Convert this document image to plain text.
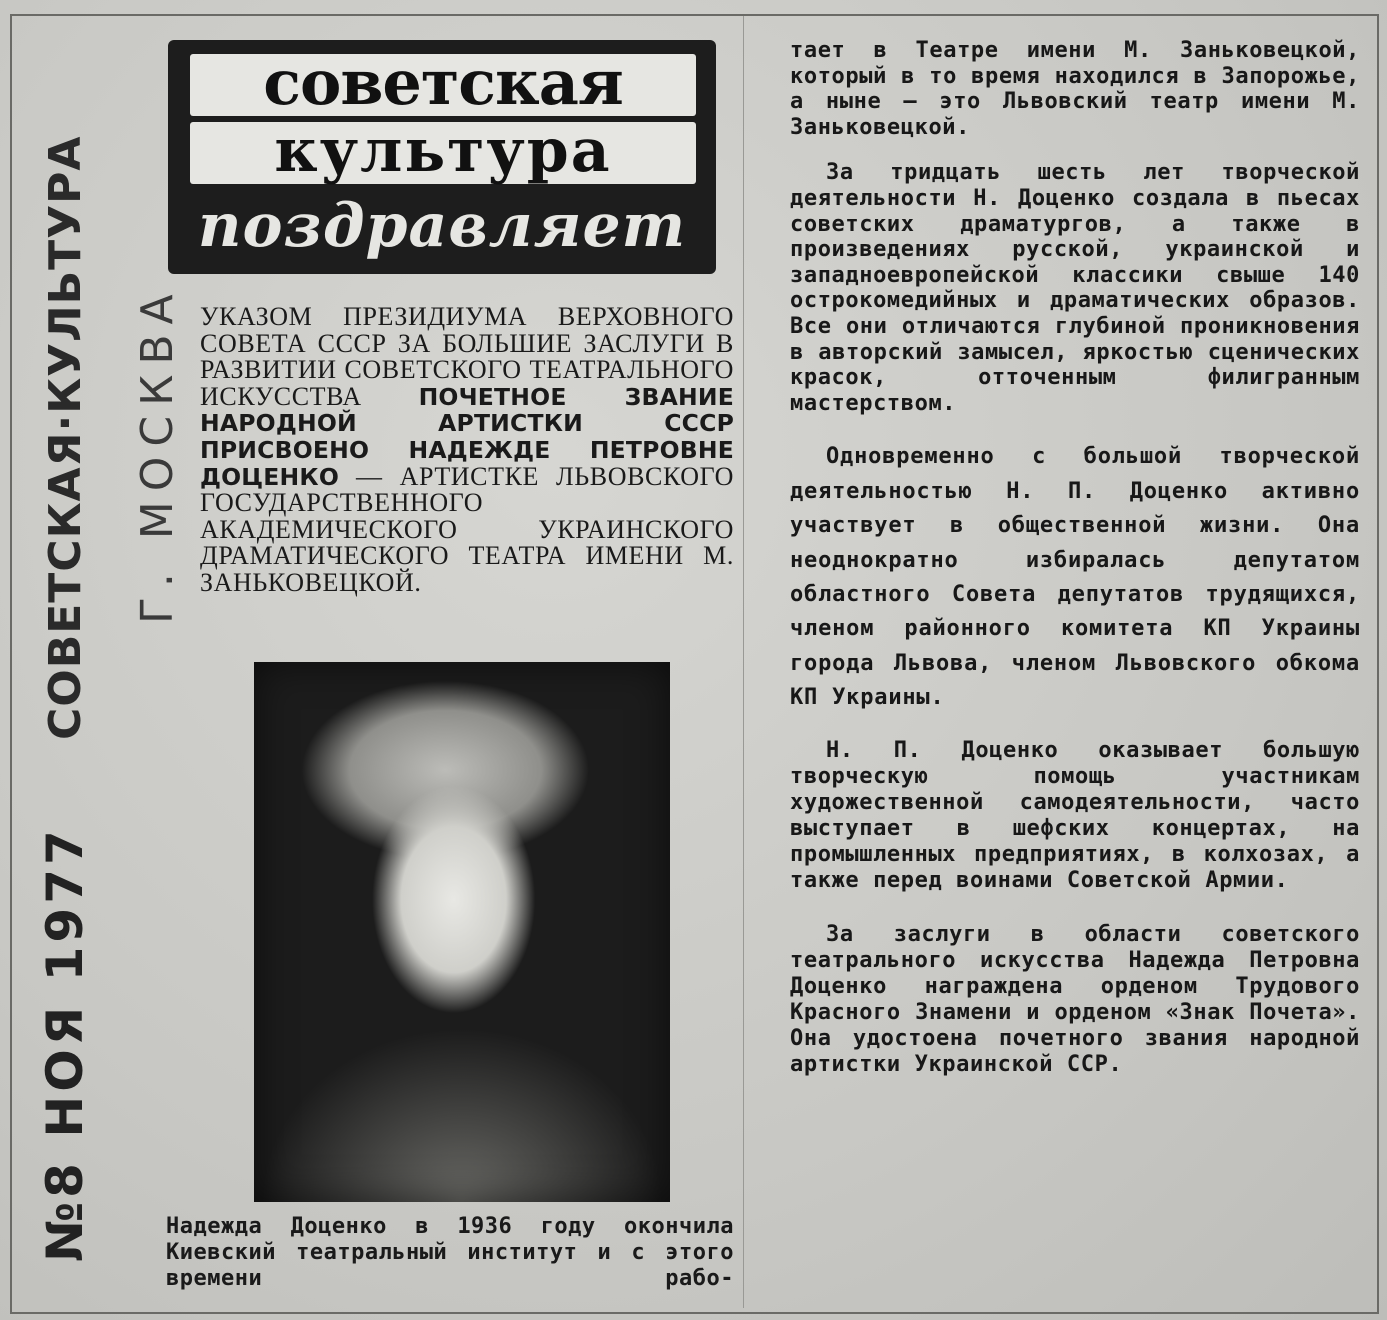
№8 НОЯ 1977
СОВЕТСКАЯ·КУЛЬТУРА Г. МОСКВА
советская
культура
поздравляет
УКАЗОМ ПРЕЗИДИУМА ВЕРХОВНОГО СОВЕТА СССР ЗА БОЛЬШИЕ ЗАСЛУГИ В РАЗВИТИИ СОВЕТСКОГО ТЕАТРАЛЬНОГО ИСКУССТВА ПОЧЕТНОЕ ЗВАНИЕ НАРОДНОЙ АРТИСТКИ СССР ПРИСВОЕНО НАДЕЖДЕ ПЕТРОВНЕ ДОЦЕНКО — АРТИСТКЕ ЛЬВОВСКОГО ГОСУДАРСТВЕННОГО АКАДЕМИЧЕСКОГО УКРАИНСКОГО ДРАМАТИЧЕСКОГО ТЕАТРА ИМЕНИ М. ЗАНЬКОВЕЦКОЙ.
Надежда Доценко в 1936 году окончила Киевский театральный институт и с этого времени рабо-

тает в Театре имени М. Заньковецкой, который в то время находился в Запорожье, а ныне — это Львовский театр имени М. Заньковецкой.

За тридцать шесть лет творческой деятельности Н. Доценко создала в пьесах советских драматургов, а также в произведениях русской, украинской и западноевропейской классики свыше 140 острокомедийных и драматических образов. Все они отличаются глубиной проникновения в авторский замысел, яркостью сценических красок, отточенным филигранным мастерством.

Одновременно с большой творческой деятельностью Н. П. Доценко активно участвует в общественной жизни. Она неоднократно избиралась депутатом областного Совета депутатов трудящихся, членом районного комитета КП Украины города Львова, членом Львовского обкома КП Украины.

Н. П. Доценко оказывает большую творческую помощь участникам художественной самодеятельности, часто выступает в шефских концертах, на промышленных предприятиях, в колхозах, а также перед воинами Советской Армии.

За заслуги в области советского театрального искусства Надежда Петровна Доценко награждена орденом Трудового Красного Знамени и орденом «Знак Почета». Она удостоена почетного звания народной артистки Украинской ССР.
